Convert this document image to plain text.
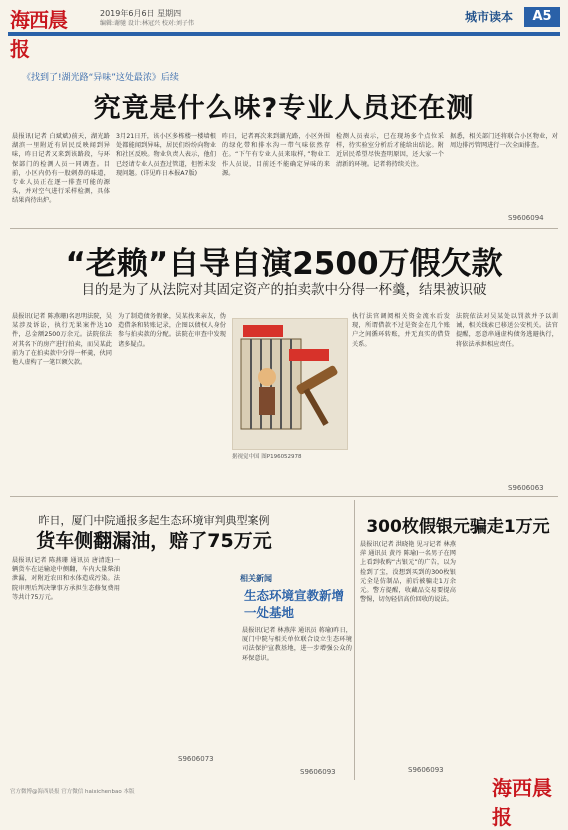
海西晨报
2019年6月6日 星期四
编辑:谢驰 设计:林冠兴 校对:刘子伟	城市读本	A5
《找到了!湖光路“异味”这处最浓》后续
究竟是什么味?专业人员还在测
晨报讯(记者 白斌斌)前天，湖光路湖滨一里附近有居民反映闻到异味，昨日记者又来到该路段，与环保部门的检测人员一同调查。目前，小区内仍有一股刺鼻的味道，专业人员正在逐一排查可能的源头，并对空气进行采样检测，具体结果尚待出炉。
3月21日开，该小区多栋楼一楼墙根处都能闻到异味，居民们纷纷向物业和社区反映。物业负责人表示，他们已经请专业人员查过管道，但暂未发现问题。(详见昨日本报A7版)
昨日，记者再次来到湖光路，小区外围的绿化带和排水沟一带气味依然存在。“下午有专业人员来取样，”物业工作人员说，目前还不能确定异味的来源。
检测人员表示，已在现场多个点位采样，待实验室分析后才能给出结论。附近居民希望尽快查明原因，还大家一个清新的环境。记者将持续关注。
据悉，相关部门还将联合小区物业，对周边排污管网进行一次全面排查。
S9606094
“老赖”自导自演2500万假欠款
目的是为了从法院对其固定资产的拍卖款中分得一杯羹，结果被识破
晨报讯(记者 陈燕珊)名思明法院，吴某涉及诉讼，执行无果案件达10件，总金额2500万余元。法院依法对其名下的房产进行拍卖，而吴某此前为了在拍卖款中分得一杯羹，伙同他人虚构了一笔巨额欠款。
为了制造债务假象，吴某找来亲友，伪造借条和转账记录，企图以债权人身份参与拍卖款的分配。法院在审查中发现诸多疑点。
据视觉中国 图P196052978
执行法官调阅相关资金流水后发现，所谓借款不过是资金在几个账户之间循环转账，并无真实的借贷关系。
法院依法对吴某处以罚款并予以训诫，相关线索已移送公安机关。法官提醒，恶意串通虚构债务逃避执行，将依法承担相应责任。
S9606063
昨日，厦门中院通报多起生态环境审判典型案例
货车侧翻漏油，赔了75万元
晨报讯(记者 陈燕珊 通讯员 唐清连)一辆货车在运输途中侧翻，车内大量柴油泄漏，对附近农田和水体造成污染。法院审理后判决肇事方承担生态修复费用等共计75万元。
S9606073
相关新闻
生态环境宣教新增一处基地
晨报讯(记者 林燕萍 通讯员 蒋瑜)昨日，厦门中院与相关单位联合设立生态环境司法保护宣教基地，进一步增强公众的环保意识。
S9606093
300枚假银元骗走1万元
晨报讯(记者 洪晓艳 见习记者 林燕萍 通讯员 黄丹 陈瑜)一名男子在网上看到收购“古银元”的广告，以为捡到了宝，没想到买到的300枚银元全是仿制品，前后被骗走1万余元。警方提醒，收藏品交易要提高警惕，切勿轻信高价回收的说法。
S9606093
官方微博@海西晨报 官方微信 haixichenbao 本版	海西晨报
